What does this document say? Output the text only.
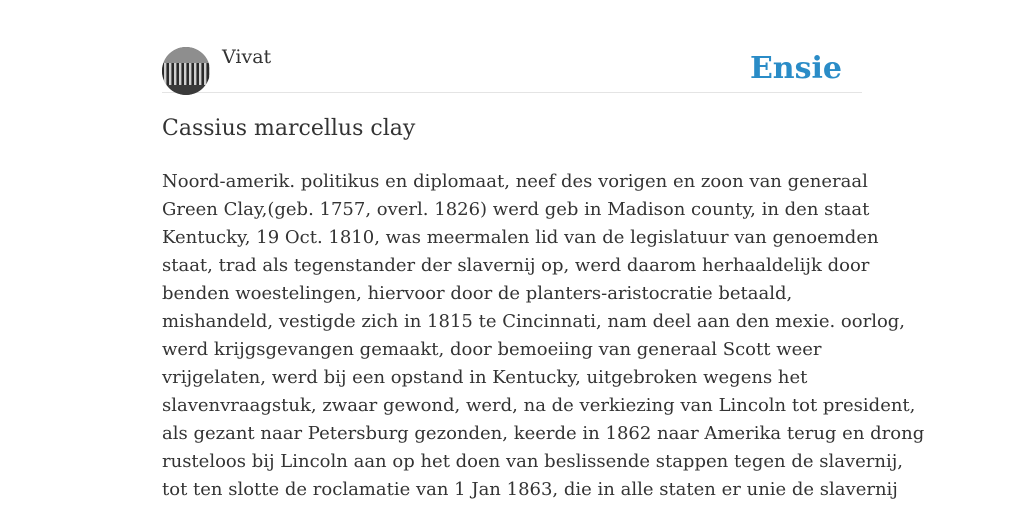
Vivat	Ensie
Cassius marcellus clay
Noord-amerik. politikus en diplomaat, neef des vorigen en zoon van generaal
Green Clay,(geb. 1757, overl. 1826) werd geb in Madison county, in den staat
Kentucky, 19 Oct. 1810, was meermalen lid van de legislatuur van genoemden
staat, trad als tegenstander der slavernij op, werd daarom herhaaldelijk door
benden woestelingen, hiervoor door de planters-aristocratie betaald,
mishandeld, vestigde zich in 1815 te Cincinnati, nam deel aan den mexie. oorlog,
werd krijgsgevangen gemaakt, door bemoeiing van generaal Scott weer
vrijgelaten, werd bij een opstand in Kentucky, uitgebroken wegens het
slavenvraagstuk, zwaar gewond, werd, na de verkiezing van Lincoln tot president,
als gezant naar Petersburg gezonden, keerde in 1862 naar Amerika terug en drong
rusteloos bij Lincoln aan op het doen van beslissende stappen tegen de slavernij,
tot ten slotte de roclamatie van 1 Jan 1863, die in alle staten er unie de slavernij
